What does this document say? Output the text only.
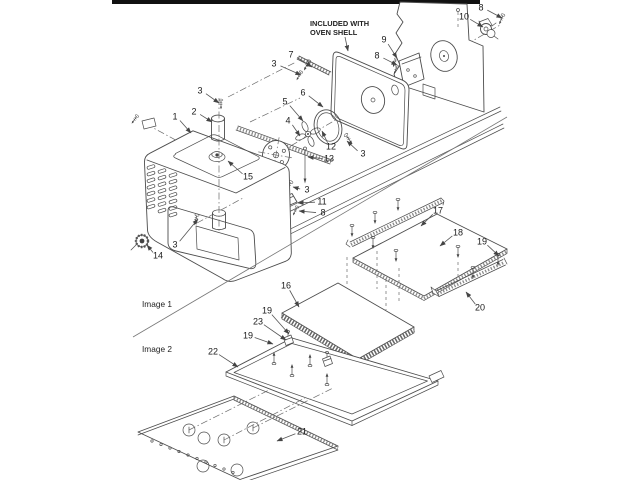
INCLUDED WITH
OVEN SHELL
Image 1
Image 2
8
10
9
8
7
3
3
2
1
6
5
4
12
13	3
15
3
11
8
3
14
17
18
19
20
16
19
23
19
22
21
